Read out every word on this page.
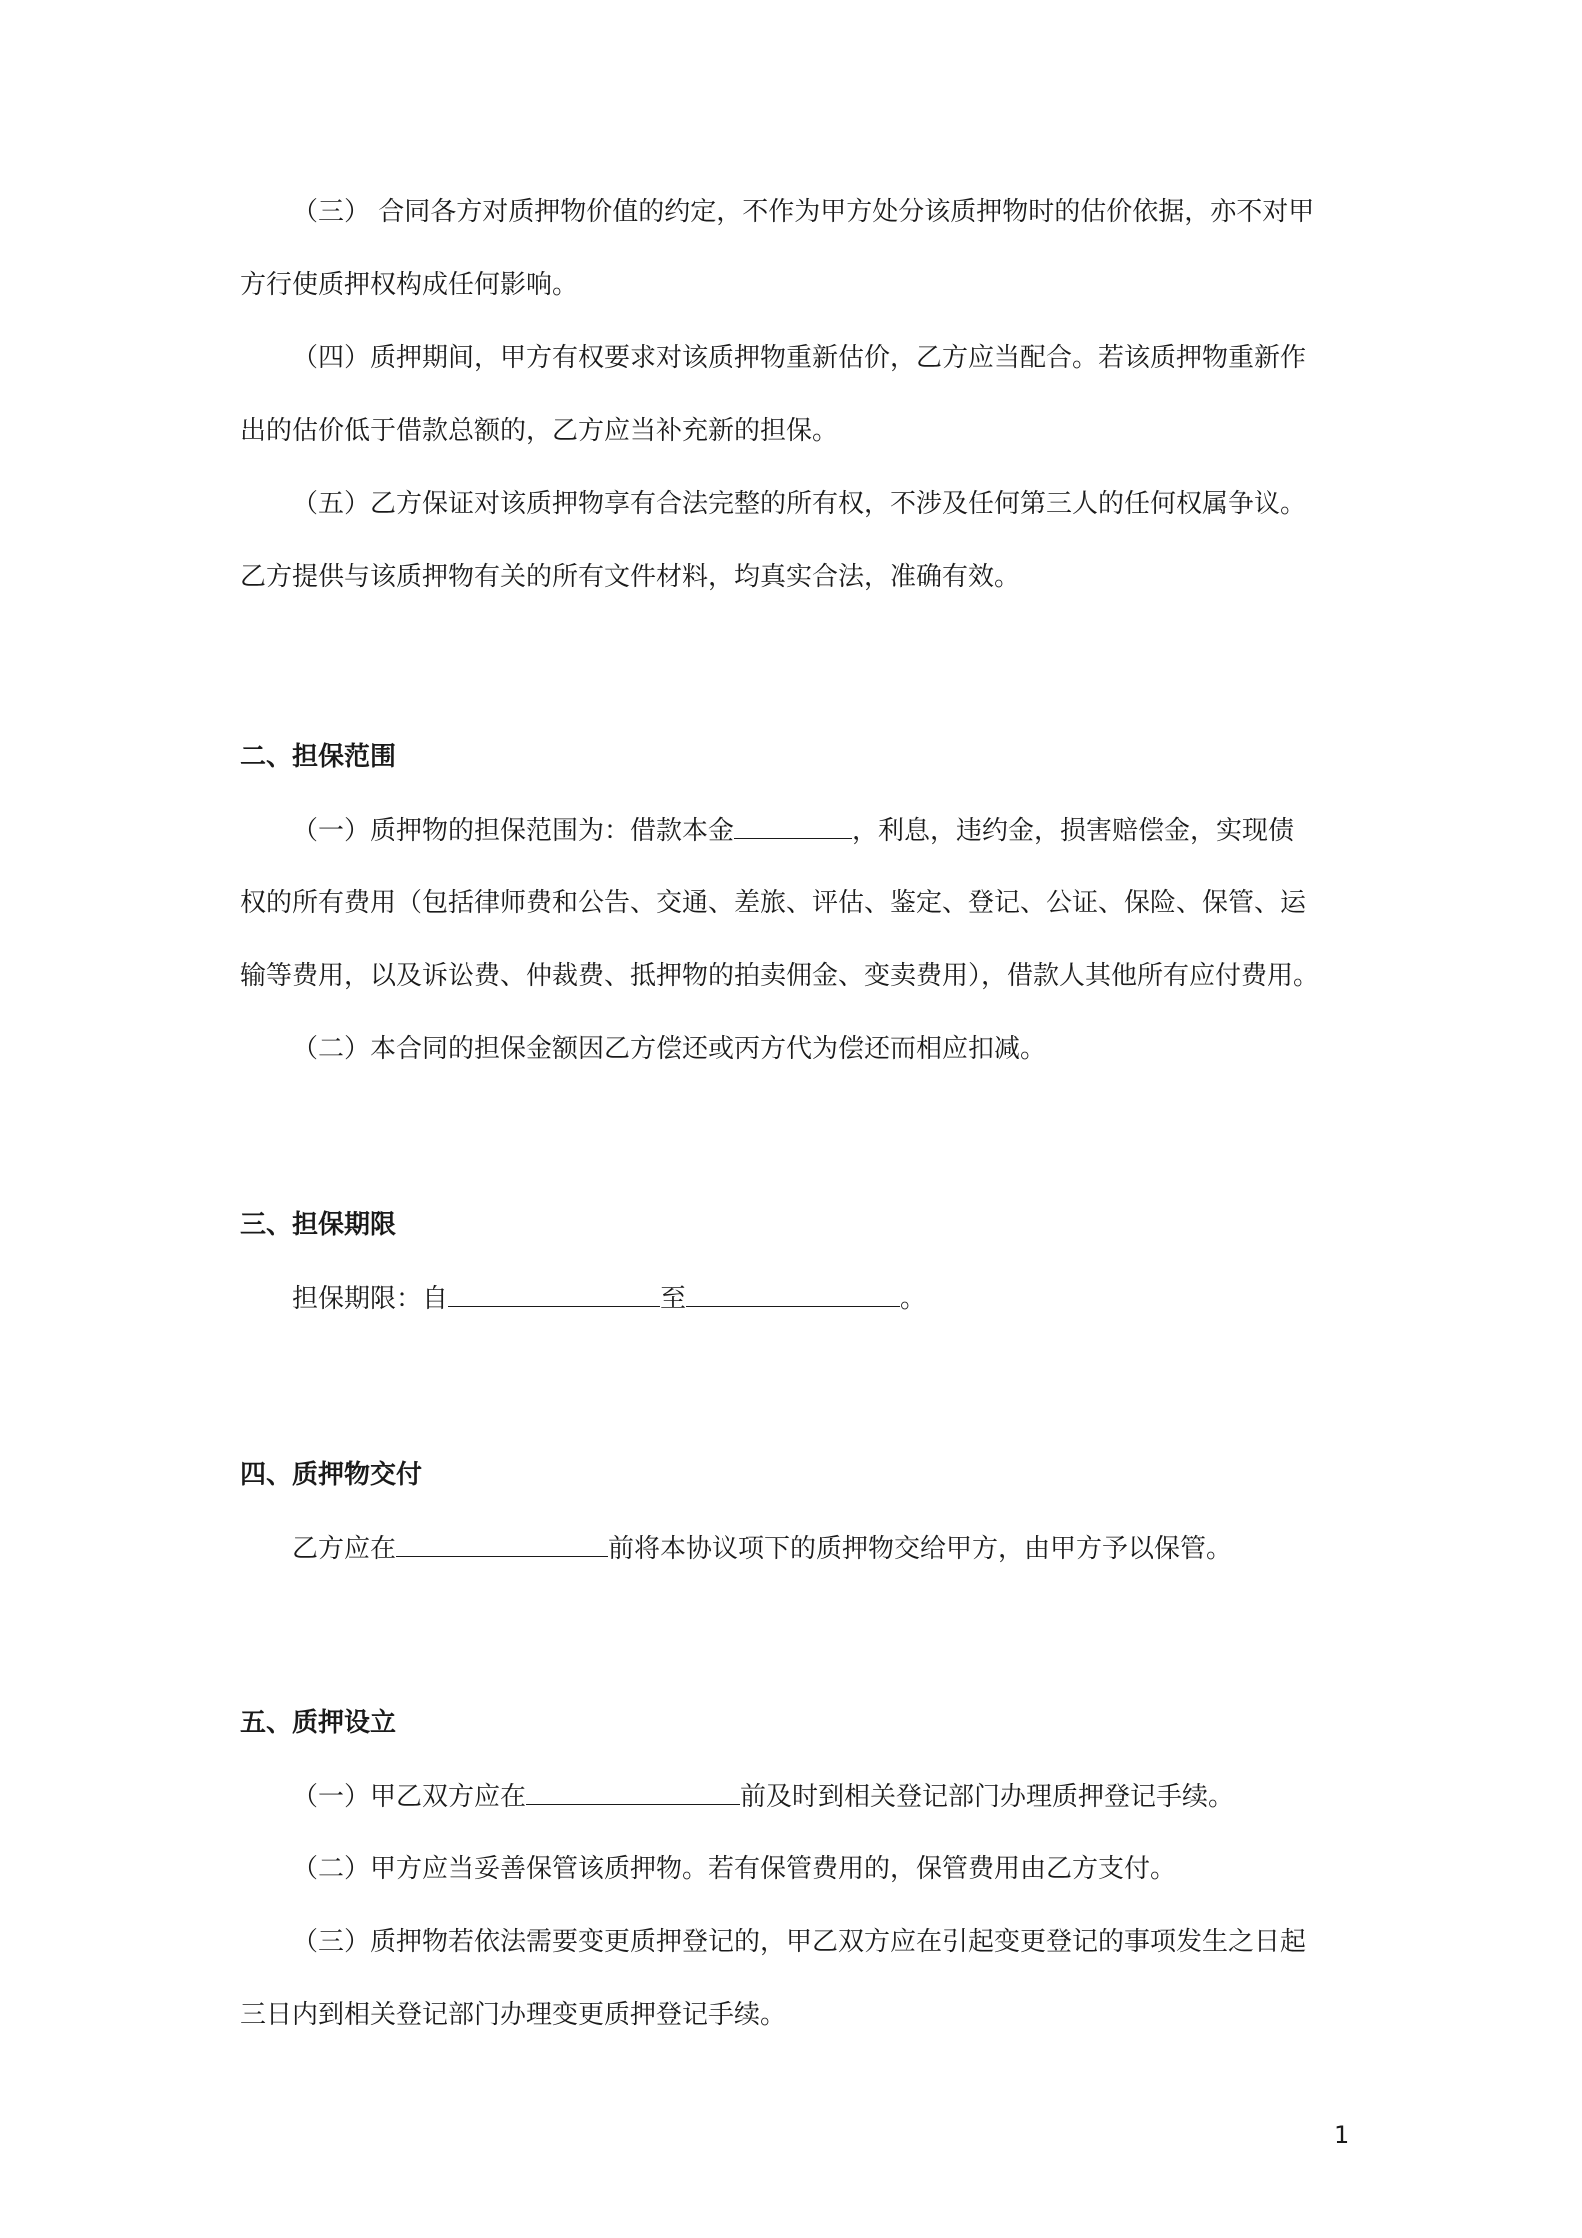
（三） 合同各方对质押物价值的约定，不作为甲方处分该质押物时的估价依据，亦不对甲
方行使质押权构成任何影响。
（四）质押期间，甲方有权要求对该质押物重新估价，乙方应当配合。若该质押物重新作
出的估价低于借款总额的，乙方应当补充新的担保。
（五）乙方保证对该质押物享有合法完整的所有权，不涉及任何第三人的任何权属争议。
乙方提供与该质押物有关的所有文件材料，均真实合法，准确有效。
二、担保范围
（一）质押物的担保范围为：借款本金	，利息，违约金，损害赔偿金，实现债
权的所有费用（包括律师费和公告、交通、差旅、评估、鉴定、登记、公证、保险、保管、运
输等费用，以及诉讼费、仲裁费、抵押物的拍卖佣金、变卖费用），借款人其他所有应付费用。
（二）本合同的担保金额因乙方偿还或丙方代为偿还而相应扣减。
三、担保期限
担保期限：自	至	。
四、质押物交付
乙方应在	前将本协议项下的质押物交给甲方，由甲方予以保管。
五、质押设立
（一）甲乙双方应在	前及时到相关登记部门办理质押登记手续。
（二）甲方应当妥善保管该质押物。若有保管费用的，保管费用由乙方支付。
（三）质押物若依法需要变更质押登记的，甲乙双方应在引起变更登记的事项发生之日起
三日内到相关登记部门办理变更质押登记手续。
1
